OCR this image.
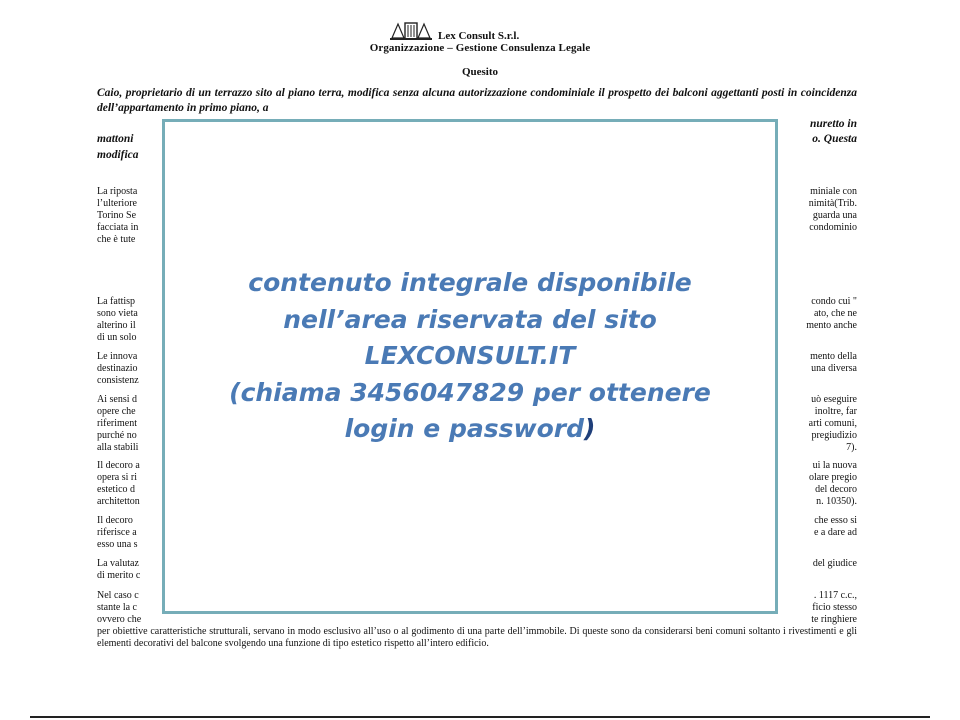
Lex Consult S.r.l.
Organizzazione – Gestione Consulenza Legale
Quesito
Caio, proprietario di un terrazzo sito al piano terra, modifica senza alcuna autorizzazione condominiale il prospetto dei balconi aggettanti posti in coincidenza dell’appartamento in primo piano, a
nuretto in
mattoni	o. Questa
modifica
La riposta	miniale con
l’ulteriore	nimità(Trib.
Torino Se	guarda una
facciata in	condominio
che è tute
La fattisp	condo cui "
sono vieta	ato, che ne
alterino il	mento anche
di un solo
Le innova	mento della
destinazio	una diversa
consistenz
Ai sensi d	uò eseguire
opere che	inoltre, far
riferiment	arti comuni,
purché no	pregiudizio
alla stabili	7).
Il decoro a	ui la nuova
opera si ri	olare pregio
estetico d	del decoro
architetton	n. 10350).
Il decoro	che esso si
riferisce a	e a dare ad
esso una s
La valutaz	del giudice
di merito c
Nel caso c	. 1117 c.c.,
stante la c	ficio stesso
ovvero che	te ringhiere
per obiettive caratteristiche strutturali, servano in modo esclusivo all’uso o al godimento di una parte dell’immobile. Di queste sono da considerarsi beni comuni soltanto i rivestimenti e gli elementi decorativi del balcone svolgendo una funzione di tipo estetico rispetto all’intero edificio.
contenuto integrale disponibile
nell’area riservata del sito
LEXCONSULT.IT
(chiama 3456047829 per ottenere
login e password)
